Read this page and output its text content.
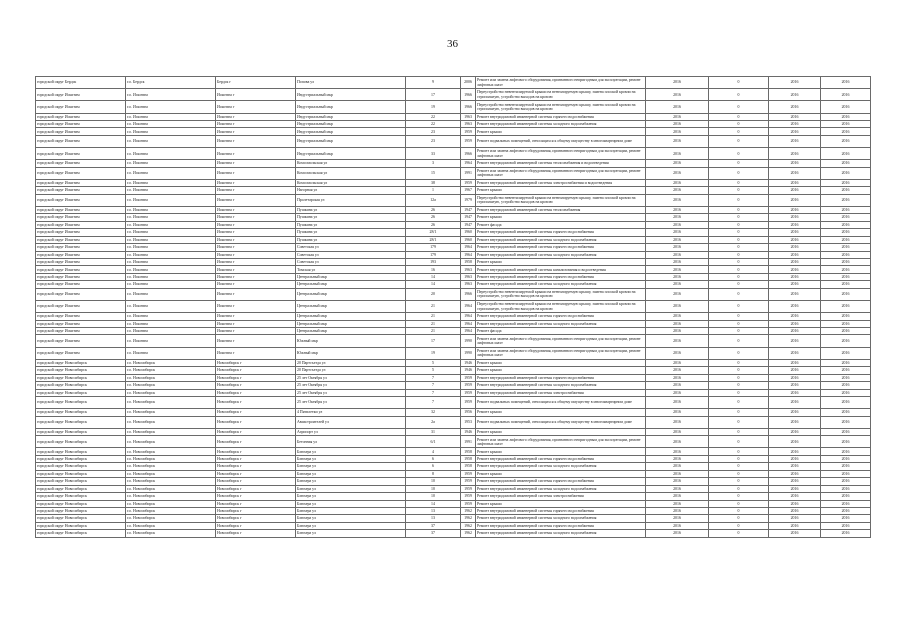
36
городской округ Бердск	г.о. Бердск	Бердск г	Попова ул	9	2006	Ремонт или замена лифтового оборудования, признанного непригодным для эксплуатации, ремонт лифтовых шахт	2016	0	2016	2016
городской округ Искитим	г.о. Искитим	Искитим г	Индустриальный мкр	17	1966	Переустройство невентилируемой крыши на вентилируемую крышу, замена плоской кровли на стропильную, устройство выходов на кровлю	2016	0	2016	2016
городской округ Искитим	г.о. Искитим	Искитим г	Индустриальный мкр	19	1966	Переустройство невентилируемой крыши на вентилируемую крышу, замена плоской кровли на стропильную, устройство выходов на кровлю	2016	0	2016	2016
городской округ Искитим	г.о. Искитим	Искитим г	Индустриальный мкр	22	1963	Ремонт внутридомовой инженерной системы горячего водоснабжения	2016	0	2016	2016
городской округ Искитим	г.о. Искитим	Искитим г	Индустриальный мкр	22	1963	Ремонт внутридомовой инженерной системы холодного водоснабжения	2016	0	2016	2016
городской округ Искитим	г.о. Искитим	Искитим г	Индустриальный мкр	23	1959	Ремонт крыши	2016	0	2016	2016
городской округ Искитим	г.о. Искитим	Искитим г	Индустриальный мкр	23	1959	Ремонт подвальных помещений, относящихся к общему имуществу в многоквартирном доме	2016	0	2016	2016
городской округ Искитим	г.о. Искитим	Искитим г	Индустриальный мкр	33	1966	Ремонт или замена лифтового оборудования, признанного непригодным для эксплуатации, ремонт лифтовых шахт	2016	0	2016	2016
городской округ Искитим	г.о. Искитим	Искитим г	Комсомольская ул	3	1964	Ремонт внутридомовой инженерной системы теплоснабжения и водоотведения	2016	0	2016	2016
городской округ Искитим	г.о. Искитим	Искитим г	Комсомольская ул	15	1991	Ремонт или замена лифтового оборудования, признанного непригодным для эксплуатации, ремонт лифтовых шахт	2016	0	2016	2016
городской округ Искитим	г.о. Искитим	Искитим г	Комсомольская ул	38	1959	Ремонт внутридомовой инженерной системы электроснабжения и водоотведения	2016	0	2016	2016
городской округ Искитим	г.о. Искитим	Искитим г	Нагорная ул	1	1967	Ремонт крыши	2016	0	2016	2016
городской округ Искитим	г.о. Искитим	Искитим г	Пролетарская ул	12а	1979	Переустройство невентилируемой крыши на вентилируемую крышу, замена плоской кровли на стропильную, устройство выходов на кровлю	2016	0	2016	2016
городской округ Искитим	г.о. Искитим	Искитим г	Пушкина ул	26	1947	Ремонт внутридомовой инженерной системы теплоснабжения	2016	0	2016	2016
городской округ Искитим	г.о. Искитим	Искитим г	Пушкина ул	26	1947	Ремонт крыши	2016	0	2016	2016
городской округ Искитим	г.о. Искитим	Искитим г	Пушкина ул	26	1947	Ремонт фасада	2016	0	2016	2016
городской округ Искитим	г.о. Искитим	Искитим г	Пушкина ул	28/1	1960	Ремонт внутридомовой инженерной системы горячего водоснабжения	2016	0	2016	2016
городской округ Искитим	г.о. Искитим	Искитим г	Пушкина ул	28/1	1960	Ремонт внутридомовой инженерной системы холодного водоснабжения	2016	0	2016	2016
городской округ Искитим	г.о. Искитим	Искитим г	Советская ул	179	1964	Ремонт внутридомовой инженерной системы горячего водоснабжения	2016	0	2016	2016
городской округ Искитим	г.о. Искитим	Искитим г	Советская ул	179	1964	Ремонт внутридомовой инженерной системы холодного водоснабжения	2016	0	2016	2016
городской округ Искитим	г.о. Искитим	Искитим г	Советская ул	193	1958	Ремонт крыши	2016	0	2016	2016
городской округ Искитим	г.о. Искитим	Искитим г	Томская ул	16	1963	Ремонт внутридомовой инженерной системы канализования и водоотведения	2016	0	2016	2016
городской округ Искитим	г.о. Искитим	Искитим г	Центральный мкр	14	1963	Ремонт внутридомовой инженерной системы горячего водоснабжения	2016	0	2016	2016
городской округ Искитим	г.о. Искитим	Искитим г	Центральный мкр	14	1963	Ремонт внутридомовой инженерной системы холодного водоснабжения	2016	0	2016	2016
городской округ Искитим	г.о. Искитим	Искитим г	Центральный мкр	20	1966	Переустройство невентилируемой крыши на вентилируемую крышу, замена плоской кровли на стропильную, устройство выходов на кровлю	2016	0	2016	2016
городской округ Искитим	г.о. Искитим	Искитим г	Центральный мкр	21	1964	Переустройство невентилируемой крыши на вентилируемую крышу, замена плоской кровли на стропильную, устройство выходов на кровлю	2016	0	2016	2016
городской округ Искитим	г.о. Искитим	Искитим г	Центральный мкр	21	1964	Ремонт внутридомовой инженерной системы горячего водоснабжения	2016	0	2016	2016
городской округ Искитим	г.о. Искитим	Искитим г	Центральный мкр	21	1964	Ремонт внутридомовой инженерной системы холодного водоснабжения	2016	0	2016	2016
городской округ Искитим	г.о. Искитим	Искитим г	Центральный мкр	21	1964	Ремонт фасада	2016	0	2016	2016
городской округ Искитим	г.о. Искитим	Искитим г	Южный мкр	17	1990	Ремонт или замена лифтового оборудования, признанного непригодным для эксплуатации, ремонт лифтовых шахт	2016	0	2016	2016
городской округ Искитим	г.о. Искитим	Искитим г	Южный мкр	19	1990	Ремонт или замена лифтового оборудования, признанного непригодным для эксплуатации, ремонт лифтовых шахт	2016	0	2016	2016
городской округ Новосибирск	г.о. Новосибирск	Новосибирск г	20 Партсъезда ул	5	1946	Ремонт крыши	2016	0	2016	2016
городской округ Новосибирск	г.о. Новосибирск	Новосибирск г	20 Партсъезда ул	5	1946	Ремонт крыши	2016	0	2016	2016
городской округ Новосибирск	г.о. Новосибирск	Новосибирск г	25 лет Октября ул	7	1959	Ремонт внутридомовой инженерной системы горячего водоснабжения	2016	0	2016	2016
городской округ Новосибирск	г.о. Новосибирск	Новосибирск г	25 лет Октября ул	7	1959	Ремонт внутридомовой инженерной системы холодного водоснабжения	2016	0	2016	2016
городской округ Новосибирск	г.о. Новосибирск	Новосибирск г	25 лет Октября ул	7	1959	Ремонт внутридомовой инженерной системы электроснабжения	2016	0	2016	2016
городской округ Новосибирск	г.о. Новосибирск	Новосибирск г	25 лет Октября ул	7	1959	Ремонт подвальных помещений, относящихся к общему имуществу в многоквартирном доме	2016	0	2016	2016
городской округ Новосибирск	г.о. Новосибирск	Новосибирск г	4 Пятилетки ул	32	1956	Ремонт крыши	2016	0	2016	2016
городской округ Новосибирск	г.о. Новосибирск	Новосибирск г	Авиастроителей ул	2а	1953	Ремонт подвальных помещений, относящихся к общему имуществу в многоквартирном доме	2016	0	2016	2016
городской округ Новосибирск	г.о. Новосибирск	Новосибирск г	Аэропорт ул	31	1946	Ремонт крыши	2016	0	2016	2016
городской округ Новосибирск	г.о. Новосибирск	Новосибирск г	Бетонная ул	6/1	1991	Ремонт или замена лифтового оборудования, признанного непригодным для эксплуатации, ремонт лифтовых шахт	2016	0	2016	2016
городской округ Новосибирск	г.о. Новосибирск	Новосибирск г	Блюхера ул	4	1958	Ремонт крыши	2016	0	2016	2016
городской округ Новосибирск	г.о. Новосибирск	Новосибирск г	Блюхера ул	6	1958	Ремонт внутридомовой инженерной системы горячего водоснабжения	2016	0	2016	2016
городской округ Новосибирск	г.о. Новосибирск	Новосибирск г	Блюхера ул	6	1958	Ремонт внутридомовой инженерной системы холодного водоснабжения	2016	0	2016	2016
городской округ Новосибирск	г.о. Новосибирск	Новосибирск г	Блюхера ул	8	1959	Ремонт крыши	2016	0	2016	2016
городской округ Новосибирск	г.о. Новосибирск	Новосибирск г	Блюхера ул	10	1959	Ремонт внутридомовой инженерной системы горячего водоснабжения	2016	0	2016	2016
городской округ Новосибирск	г.о. Новосибирск	Новосибирск г	Блюхера ул	10	1959	Ремонт внутридомовой инженерной системы холодного водоснабжения	2016	0	2016	2016
городской округ Новосибирск	г.о. Новосибирск	Новосибирск г	Блюхера ул	10	1959	Ремонт внутридомовой инженерной системы электроснабжения	2016	0	2016	2016
городской округ Новосибирск	г.о. Новосибирск	Новосибирск г	Блюхера ул	14	1959	Ремонт крыши	2016	0	2016	2016
городской округ Новосибирск	г.о. Новосибирск	Новосибирск г	Блюхера ул	13	1962	Ремонт внутридомовой инженерной системы горячего водоснабжения	2016	0	2016	2016
городской округ Новосибирск	г.о. Новосибирск	Новосибирск г	Блюхера ул	13	1962	Ремонт внутридомовой инженерной системы холодного водоснабжения	2016	0	2016	2016
городской округ Новосибирск	г.о. Новосибирск	Новосибирск г	Блюхера ул	37	1962	Ремонт внутридомовой инженерной системы горячего водоснабжения	2016	0	2016	2016
городской округ Новосибирск	г.о. Новосибирск	Новосибирск г	Блюхера ул	37	1962	Ремонт внутридомовой инженерной системы холодного водоснабжения	2016	0	2016	2016
